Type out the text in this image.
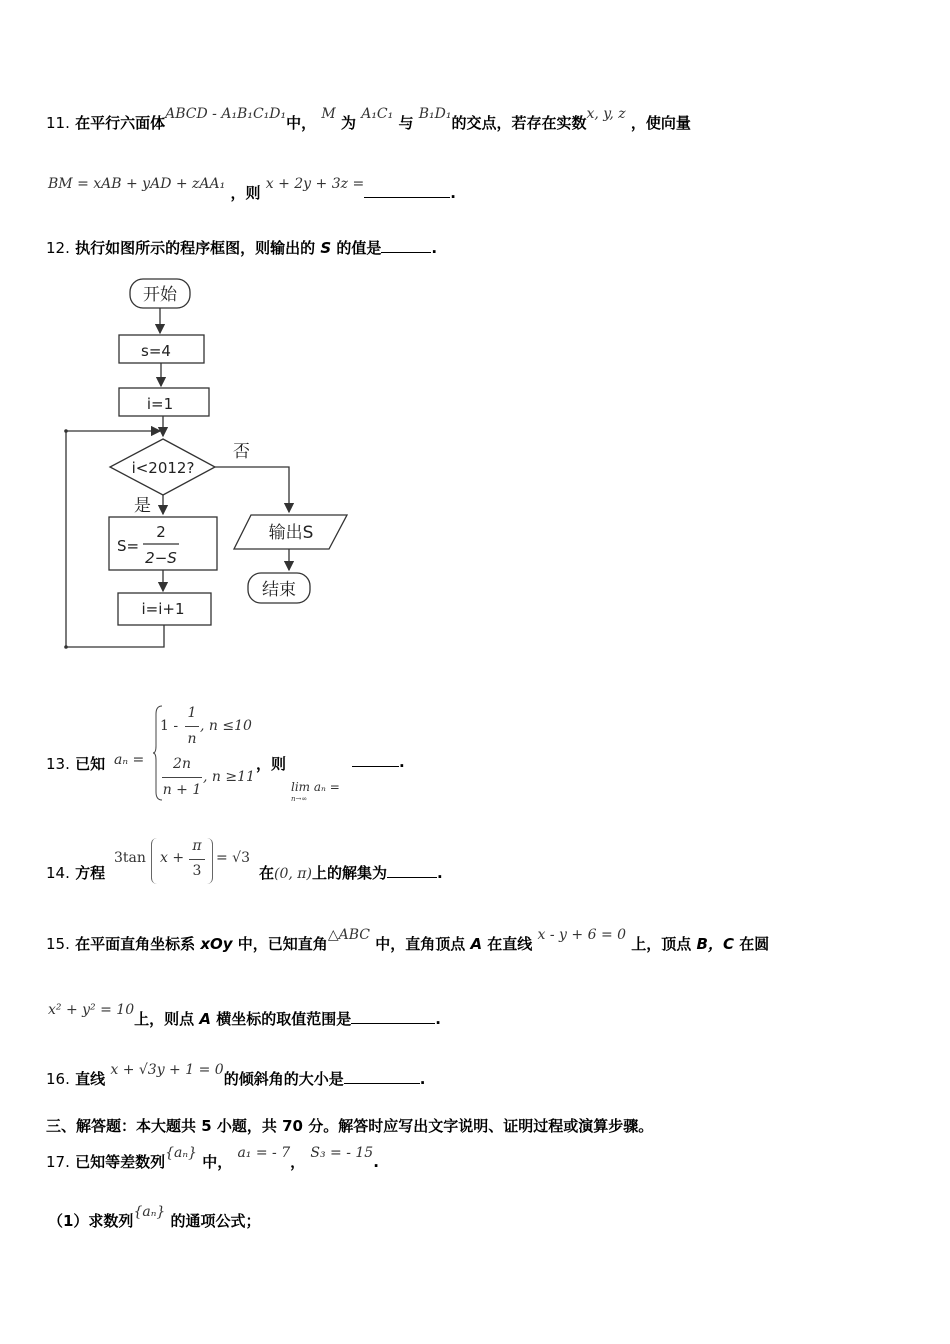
11. 在平行六面体ABCD - A₁B₁C₁D₁中， M 为 A₁C₁ 与 B₁D₁的交点，若存在实数x, y, z ，使向量
BM = xAB + yAD + zAA₁ ，则 x + 2y + 3z =	.
12. 执行如图所示的程序框图，则输出的 S 的值是	.
开始
s=4
i=1
i<2012?
否
是
S=
2
2−S
i=i+1
输出S
结束
13. 已知 aₙ =
1 -
1
n
, n ≤10
2n
n + 1
, n ≥11
，则
lim aₙ =
n→∞
.
14. 方程
3tan x +
π
3
= √3
在(0, π)上的解集为	.
15. 在平面直角坐标系 xOy 中，已知直角△ABC 中，直角顶点 A 在直线 x - y + 6 = 0 上，顶点 B，C 在圆
x² + y² = 10上，则点 A 横坐标的取值范围是	.
16. 直线 x + √3y + 1 = 0的倾斜角的大小是	.
三、解答题：本大题共 5 小题，共 70 分。解答时应写出文字说明、证明过程或演算步骤。
17. 已知等差数列{aₙ} 中， a₁ = - 7， S₃ = - 15.
（1）求数列{aₙ} 的通项公式；
